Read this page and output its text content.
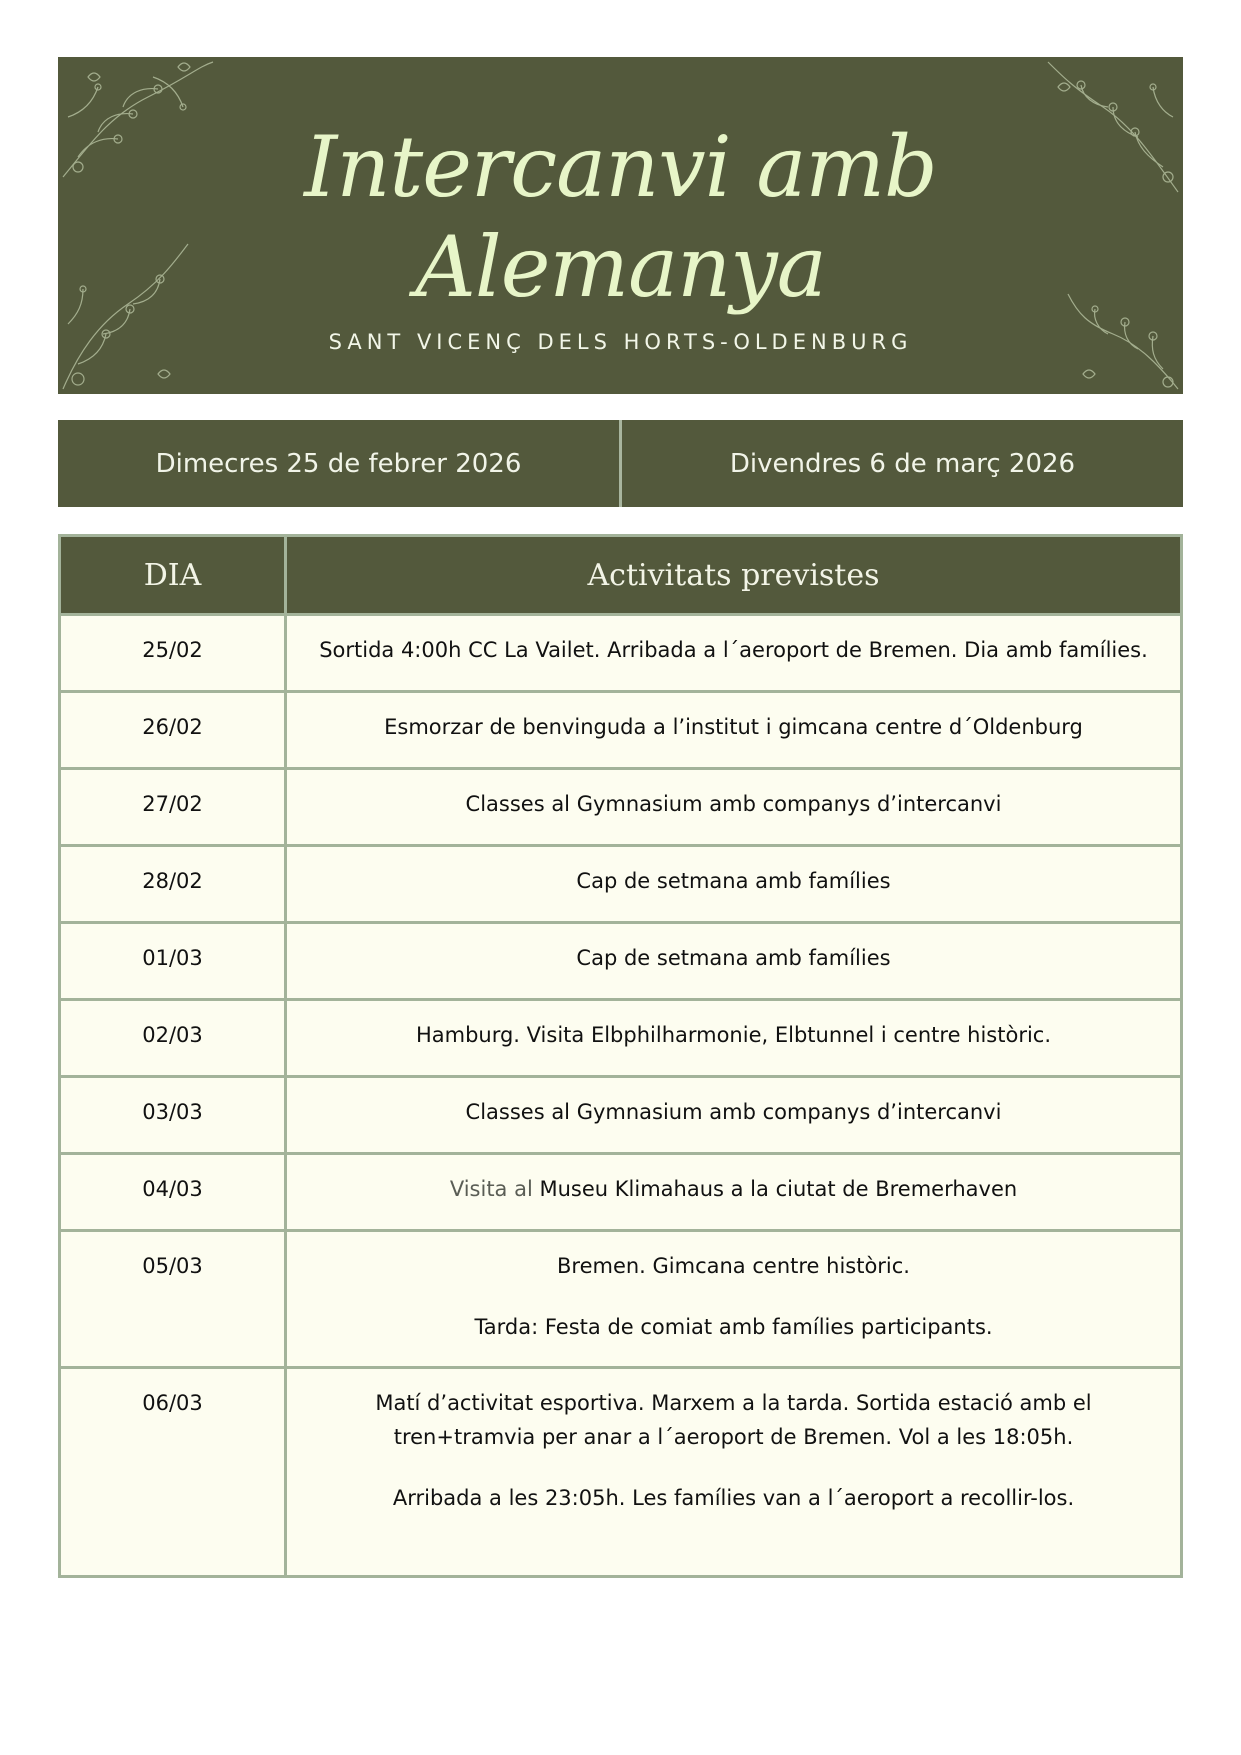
Intercanvi amb
Alemanya
SANT VICENÇ DELS HORTS-OLDENBURG
Dimecres 25 de febrer 2026	Divendres 6 de març 2026
DIA	Activitats previstes
25/02	Sortida 4:00h CC La Vailet. Arribada a l´aeroport de Bremen. Dia amb famílies.

26/02	Esmorzar de benvinguda a l’institut i gimcana centre d´Oldenburg

27/02	Classes al Gymnasium amb companys d’intercanvi

28/02	Cap de setmana amb famílies

01/03	Cap de setmana amb famílies

02/03	Hamburg. Visita Elbphilharmonie, Elbtunnel i centre històric.

03/03	Classes al Gymnasium amb companys d’intercanvi

04/03	Visita al Museu Klimahaus a la ciutat de Bremerhaven

05/03	Bremen. Gimcana centre històric.

Tarda: Festa de comiat amb famílies participants.

06/03	Matí d’activitat esportiva. Marxem a la tarda. Sortida estació amb el tren+tramvia per anar a l´aeroport de Bremen. Vol a les 18:05h.

Arribada a les 23:05h. Les famílies van a l´aeroport a recollir-los.
